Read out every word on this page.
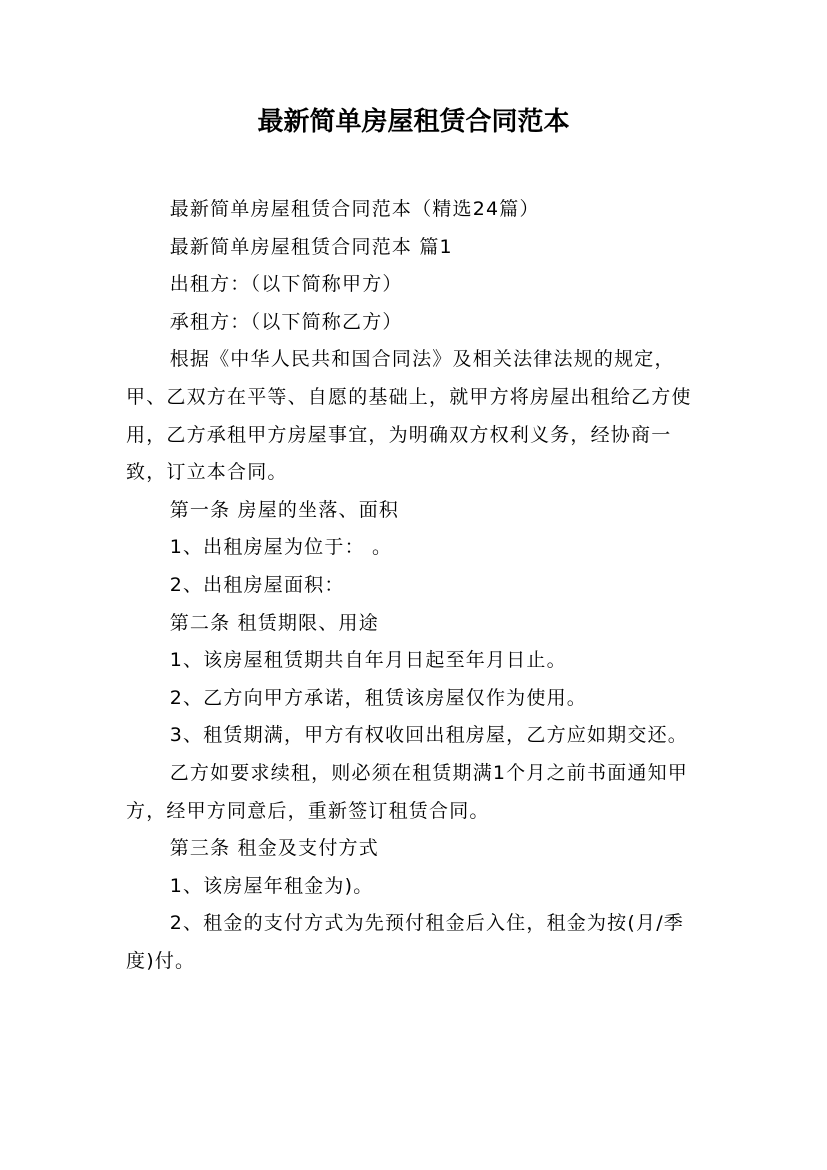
最新简单房屋租赁合同范本

最新简单房屋租赁合同范本（精选24篇）

最新简单房屋租赁合同范本 篇1

出租方：（以下简称甲方）

承租方：（以下简称乙方）

根据《中华人民共和国合同法》及相关法律法规的规定，甲、乙双方在平等、自愿的基础上，就甲方将房屋出租给乙方使用，乙方承租甲方房屋事宜，为明确双方权利义务，经协商一致，订立本合同。

第一条 房屋的坐落、面积

1、出租房屋为位于： 。

2、出租房屋面积：

第二条 租赁期限、用途

1、该房屋租赁期共自年月日起至年月日止。

2、乙方向甲方承诺，租赁该房屋仅作为使用。

3、租赁期满，甲方有权收回出租房屋，乙方应如期交还。

乙方如要求续租，则必须在租赁期满1个月之前书面通知甲方，经甲方同意后，重新签订租赁合同。

第三条 租金及支付方式

1、该房屋年租金为)。

2、租金的支付方式为先预付租金后入住，租金为按(月/季度)付。
